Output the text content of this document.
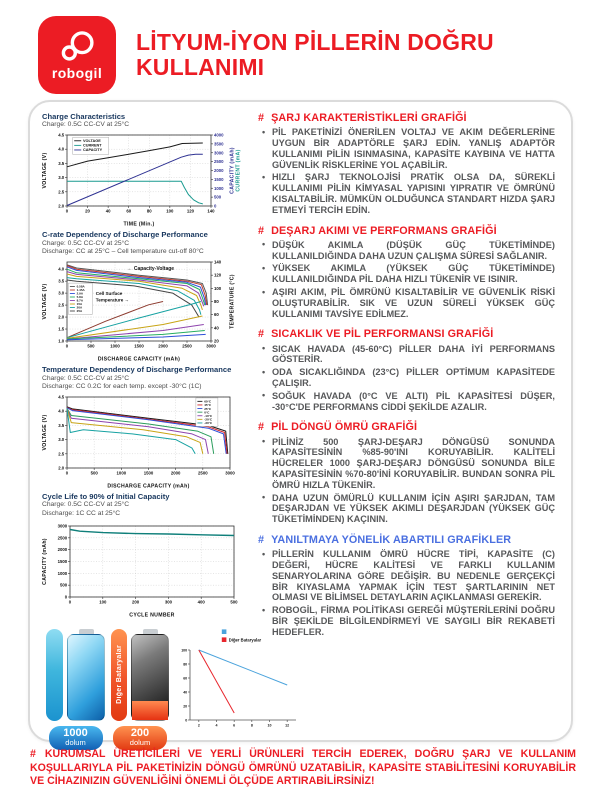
robogil
LİTYUM-İYON PİLLERİN DOĞRU KULLANIMI
Charge Characteristics
Charge: 0.5C CC-CV at 25°C
0	20	40	60	80	100	120	140
2.0
2.5
3.0
3.5
4.0
4.5
0
500
1000
1500
2000
2500
3000
3500
4000
VOLTAGE
CURRENT
CAPACITY
TIME (Min.)
VOLTAGE (V)	CAPACITY (mAh) CURRENT (mA)
C-rate Dependency of Discharge Performance
Charge: 0.5C CC-CV at 25°C
Discharge: CC at 25°C – Cell temperature cut-off 80°C
0	500	1000	1500	2000	2500	3000
1.0
1.5
2.0
2.5
3.0
3.5
4.0
20
40
60
80
100
120
140
0.58A
1.45A
2.9A
5.8A
8.7A
15A
20A
25A
← Capacity-Voltage
Cell Surface
Temperature →
DISCHARGE CAPACITY (mAh)
VOLTAGE (V)	TEMPERATURE (°C)
Temperature Dependency of Discharge Performance
Charge: 0.5C CC-CV at 25°C
Discharge: CC 0.2C for each temp. except -30°C (1C)
0	500	1000	1500	2000	2500	3000
2.0
2.5
3.0
3.5
4.0
4.5
60°C
45°C
25°C
0°C
-10°C
-20°C
-30°C
DISCHARGE CAPACITY (mAh)
VOLTAGE (V)
Cycle Life to 90% of Initial Capacity
Charge: 0.5C CC-CV at 25°C
Discharge: 1C CC at 25°C
0	100	200	300	400	500
0
500
1000
1500
2000
2500
3000
CYCLE NUMBER
CAPACITY (mAh)
1000
dolum
Diğer Bataryalar
200
dolum
2	4	6	8	10	12
0
20
40
60
80
100
Diğer Bataryalar
# ŞARJ KARAKTERİSTİKLERİ GRAFİĞİ
• PİL PAKETİNİZİ ÖNERİLEN VOLTAJ VE AKIM DEĞERLERİNE UYGUN BİR ADAPTÖRLE ŞARJ EDİN. YANLIŞ ADAPTÖR KULLANIMI PİLİN ISINMASINA, KAPASİTE KAYBINA VE HATTA GÜVENLİK RİSKLERİNE YOL AÇABİLİR.
• HIZLI ŞARJ TEKNOLOJİSİ PRATİK OLSA DA, SÜREKLİ KULLANIMI PİLİN KİMYASAL YAPISINI YIPRATIR VE ÖMRÜNÜ KISALTABİLİR. MÜMKÜN OLDUĞUNCA STANDART HIZDA ŞARJ ETMEYİ TERCİH EDİN.
# DEŞARJ AKIMI VE PERFORMANS GRAFİĞİ
• DÜŞÜK AKIMLA (DÜŞÜK GÜÇ TÜKETİMİNDE) KULLANILDIĞINDA DAHA UZUN ÇALIŞMA SÜRESİ SAĞLANIR.
• YÜKSEK AKIMLA (YÜKSEK GÜÇ TÜKETİMİNDE) KULLANILDIĞINDA PİL DAHA HIZLI TÜKENİR VE ISINIR.
• AŞIRI AKIM, PİL ÖMRÜNÜ KISALTABİLİR VE GÜVENLİK RİSKİ OLUŞTURABİLİR. SIK VE UZUN SÜRELİ YÜKSEK GÜÇ KULLANIMI TAVSİYE EDİLMEZ.
# SICAKLIK VE PİL PERFORMANSI GRAFİĞİ
• SICAK HAVADA (45-60°C) PİLLER DAHA İYİ PERFORMANS GÖSTERİR.
• ODA SICAKLIĞINDA (23°C) PİLLER OPTİMUM KAPASİTEDE ÇALIŞIR.
• SOĞUK HAVADA (0°C VE ALTI) PİL KAPASİTESİ DÜŞER, -30°C'DE PERFORMANS CİDDİ ŞEKİLDE AZALIR.
# PİL DÖNGÜ ÖMRÜ GRAFİĞİ
• PİLİNİZ 500 ŞARJ-DEŞARJ DÖNGÜSÜ SONUNDA KAPASİTESİNİN %85-90'INI KORUYABİLİR. KALİTELİ HÜCRELER 1000 ŞARJ-DEŞARJ DÖNGÜSÜ SONUNDA BİLE KAPASİTESİNİN %70-80'İNİ KORUYABİLİR. BUNDAN SONRA PİL ÖMRÜ HIZLA TÜKENİR.
• DAHA UZUN ÖMÜRLÜ KULLANIM İÇİN AŞIRI ŞARJDAN, TAM DEŞARJDAN VE YÜKSEK AKIMLI DEŞARJDAN (YÜKSEK GÜÇ TÜKETİMİNDEN) KAÇININ.
# YANILTMAYA YÖNELİK ABARTILI GRAFİKLER
• PİLLERİN KULLANIM ÖMRÜ HÜCRE TİPİ, KAPASİTE (C) DEĞERİ, HÜCRE KALİTESİ VE FARKLI KULLANIM SENARYOLARINA GÖRE DEĞİŞİR. BU NEDENLE GERÇEKÇİ BİR KIYASLAMA YAPMAK İÇİN TEST ŞARTLARININ NET OLMASI VE BİLİMSEL DETAYLARIN AÇIKLANMASI GEREKİR.
• ROBOGİL, FİRMA POLİTİKASI GEREĞİ MÜŞTERİLERİNİ DOĞRU BİR ŞEKİLDE BİLGİLENDİRMEYİ VE SAYGILI BİR REKABETİ HEDEFLER.
# KURUMSAL ÜRETİCİLERİ VE YERLİ ÜRÜNLERİ TERCİH EDEREK, DOĞRU ŞARJ VE KULLANIM KOŞULLARIYLA PİL PAKETİNİZİN DÖNGÜ ÖMRÜNÜ UZATABİLİR, KAPASİTE STABİLİTESİNİ KORUYABİLİR VE CİHAZINIZIN GÜVENLİĞİNİ ÖNEMLİ ÖLÇÜDE ARTIRABİLİRSİNİZ!
